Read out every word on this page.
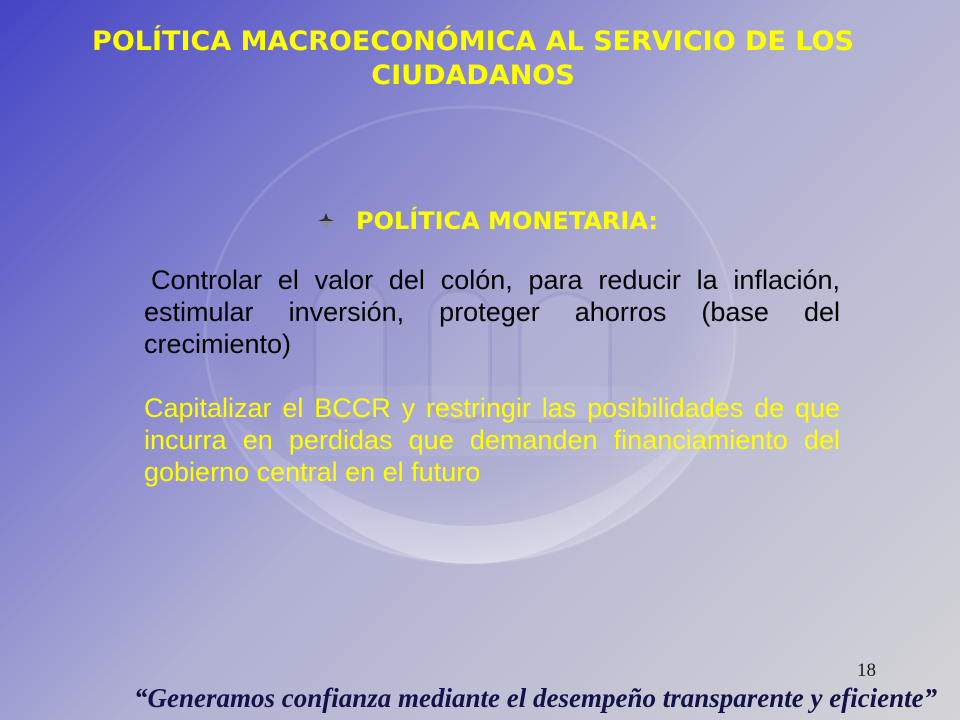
POLÍTICA MACROECONÓMICA AL SERVICIO DE LOS CIUDADANOS
POLÍTICA MONETARIA:

Controlar el valor del colón, para reducir la inflación, estimular inversión, proteger ahorros (base del crecimiento)

Capitalizar el BCCR y restringir las posibilidades de que incurra en perdidas que demanden financiamiento del gobierno central en el futuro

18
“Generamos confianza mediante el desempeño transparente y eficiente”
